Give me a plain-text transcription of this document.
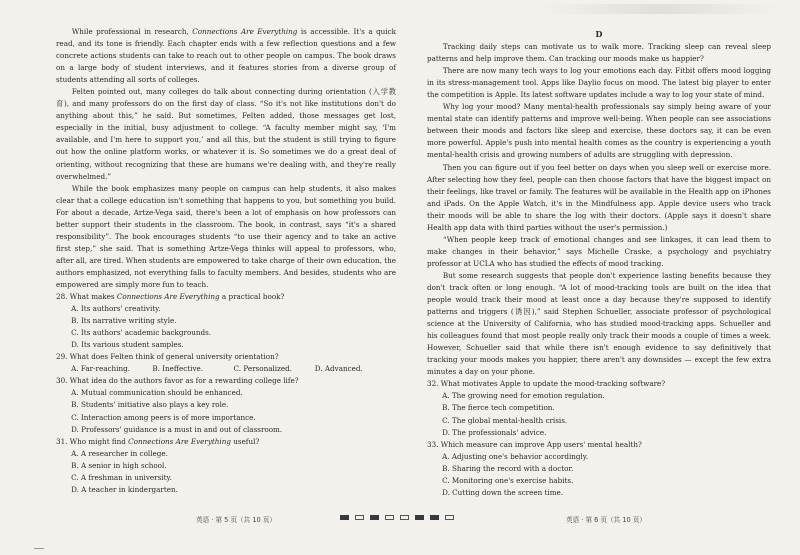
While professional in research, Connections Are Everything is accessible. It's a quick read, and its tone is friendly. Each chapter ends with a few reflection questions and a few concrete actions students can take to reach out to other people on campus. The book draws on a large body of student interviews, and it features stories from a diverse group of students attending all sorts of colleges.

Felten pointed out, many colleges do talk about connecting during orientation (入学教育), and many professors do on the first day of class. “So it's not like institutions don't do anything about this,” he said. But sometimes, Felten added, those messages get lost, especially in the initial, busy adjustment to college. “A faculty member might say, ‘I'm available, and I'm here to support you,’ and all this, but the student is still trying to figure out how the online platform works, or whatever it is. So sometimes we do a great deal of orienting, without recognizing that these are humans we're dealing with, and they're really overwhelmed.”

While the book emphasizes many people on campus can help students, it also makes clear that a college education isn't something that happens to you, but something you build. For about a decade, Artze-Vega said, there's been a lot of emphasis on how professors can better support their students in the classroom. The book, in contrast, says “it's a shared responsibility”. The book encourages students “to use their agency and to take an active first step,” she said. That is something Artze-Vega thinks will appeal to professors, who, after all, are tired. When students are empowered to take charge of their own education, the authors emphasized, not everything falls to faculty members. And besides, students who are empowered are simply more fun to teach.

28. What makes Connections Are Everything a practical book?
A. Its authors' creativity.
B. Its narrative writing style.
C. Its authors' academic backgrounds.
D. Its various student samples.
29. What does Felten think of general university orientation?
A. Far-reaching.	B. Ineffective.	C. Personalized.	D. Advanced.
30. What idea do the authors favor as for a rewarding college life?
A. Mutual communication should be enhanced.
B. Students' initiative also plays a key role.
C. Interaction among peers is of more importance.
D. Professors' guidance is a must in and out of classroom.
31. Who might find Connections Are Everything useful?
A. A researcher in college.
B. A senior in high school.
C. A freshman in university.
D. A teacher in kindergarten.
D

Tracking daily steps can motivate us to walk more. Tracking sleep can reveal sleep patterns and help improve them. Can tracking our moods make us happier?

There are now many tech ways to log your emotions each day. Fitbit offers mood logging in its stress-management tool. Apps like Daylio focus on mood. The latest big player to enter the competition is Apple. Its latest software updates include a way to log your state of mind.

Why log your mood? Many mental-health professionals say simply being aware of your mental state can identify patterns and improve well-being. When people can see associations between their moods and factors like sleep and exercise, these doctors say, it can be even more powerful. Apple's push into mental health comes as the country is experiencing a youth mental-health crisis and growing numbers of adults are struggling with depression.

Then you can figure out if you feel better on days when you sleep well or exercise more. After selecting how they feel, people can then choose factors that have the biggest impact on their feelings, like travel or family. The features will be available in the Health app on iPhones and iPads. On the Apple Watch, it's in the Mindfulness app. Apple device users who track their moods will be able to share the log with their doctors. (Apple says it doesn't share Health app data with third parties without the user's permission.)

“When people keep track of emotional changes and see linkages, it can lead them to make changes in their behavior,” says Michelle Craske, a psychology and psychiatry professor at UCLA who has studied the effects of mood tracking.

But some research suggests that people don't experience lasting benefits because they don't track often or long enough. “A lot of mood-tracking tools are built on the idea that people would track their mood at least once a day because they're supposed to identify patterns and triggers (诱因),” said Stephen Schueller, associate professor of psychological science at the University of California, who has studied mood-tracking apps. Schueller and his colleagues found that most people really only track their moods a couple of times a week. However, Schueller said that while there isn't enough evidence to say definitively that tracking your moods makes you happier, there aren't any downsides — except the few extra minutes a day on your phone.

32. What motivates Apple to update the mood-tracking software?
A. The growing need for emotion regulation.
B. The fierce tech competition.
C. The global mental-health crisis.
D. The professionals' advice.
33. Which measure can improve App users' mental health?
A. Adjusting one's behavior accordingly.
B. Sharing the record with a doctor.
C. Monitoring one's exercise habits.
D. Cutting down the screen time.
英语 · 第 5 页（共 10 页）	英语 · 第 6 页（共 10 页）
